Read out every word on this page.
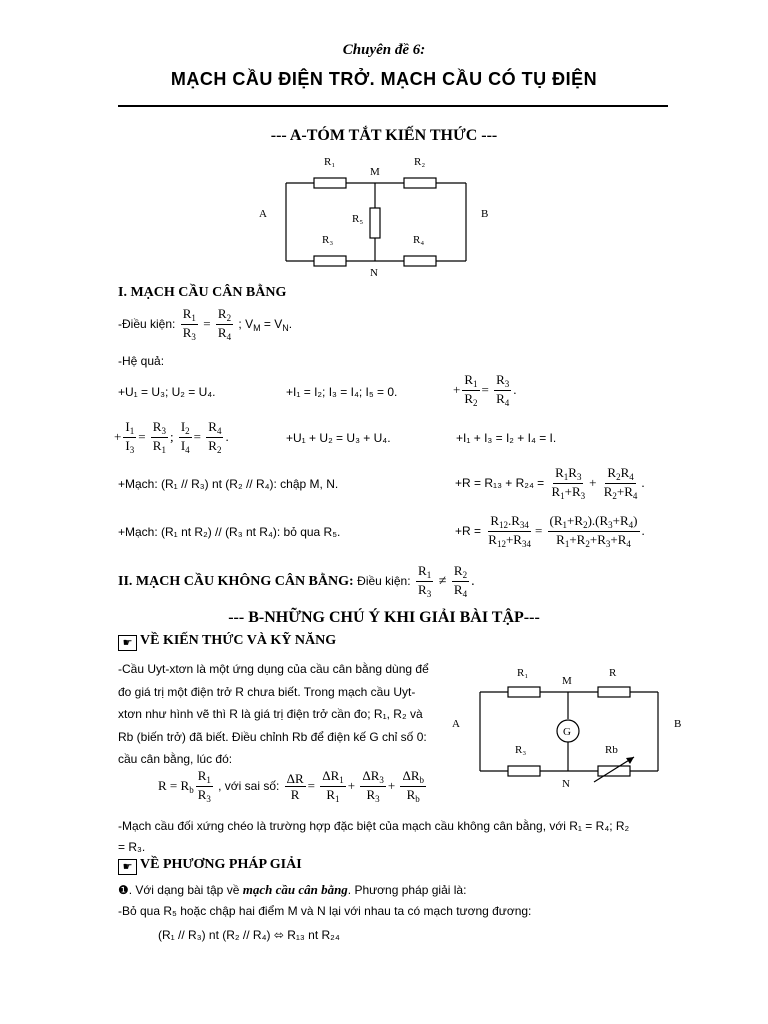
Chuyên đề 6:
MẠCH CẦU ĐIỆN TRỞ. MẠCH CẦU CÓ TỤ ĐIỆN
--- A-TÓM TẮT KIẾN THỨC ---
R₁
M
R₂
A	B
R₅
R₃	R₄
N
I. MẠCH CẦU CÂN BẰNG
-Điều kiện: $\frac{R_1}{R_3} = \frac{R_2}{R_4}$ ; $V_M = V_N$.
-Hệ quả:
+U₁ = U₃; U₂ = U₄.	+I₁ = I₂; I₃ = I₄; I₅ = 0.	+ $\frac{R_1}{R_2} = \frac{R_3}{R_4}$ .
+ $\frac{I_1}{I_3} = \frac{R_3}{R_1}$ ; $\frac{I_2}{I_4} = \frac{R_4}{R_2}$ .	+U₁ + U₂ = U₃ + U₄.	+I₁ + I₃ = I₂ + I₄ = I.
+Mạch: (R₁ // R₃) nt (R₂ // R₄): chập M, N.	$+R = R_{13} + R_{24} = \frac{R_1R_3}{R_1+R_3} + \frac{R_2R_4}{R_2+R_4}$ .
+Mạch: (R₁ nt R₂) // (R₃ nt R₄): bỏ qua R₅.	$+R = \frac{R_{12}.R_{34}}{R_{12}+R_{34}} = \frac{(R_1+R_2).(R_3+R_4)}{R_1+R_2+R_3+R_4}$ .
II. MẠCH CẦU KHÔNG CÂN BẰNG: Điều kiện: $\frac{R_1}{R_3} \ne \frac{R_2}{R_4}$ .
--- B-NHỮNG CHÚ Ý KHI GIẢI BÀI TẬP---
☛ VỀ KIẾN THỨC VÀ KỸ NĂNG
-Cầu Uyt-xtơn là một ứng dụng của cầu cân bằng dùng để
đo giá trị một điện trở R chưa biết. Trong mạch cầu Uyt-
xtơn như hình vẽ thì R là giá trị điện trở cần đo; R₁, R₂ và
Rb (biến trở) đã biết. Điều chỉnh Rb để điện kế G chỉ số 0:
cầu cân bằng, lúc đó:
$R = R_b \frac{R_1}{R_3}$ , với sai số: $\frac{\Delta R}{R} = \frac{\Delta R_1}{R_1} + \frac{\Delta R_3}{R_3} + \frac{\Delta R_b}{R_b}$
G
R₁
M
R
A	B
R₃	Rb
N
-Mạch cầu đối xứng chéo là trường hợp đặc biệt của mạch cầu không cân bằng, với R₁ = R₄; R₂
= R₃.
☛ VỀ PHƯƠNG PHÁP GIẢI
❶. Với dạng bài tập về mạch cầu cân bằng. Phương pháp giải là:
-Bỏ qua R₅ hoặc chập hai điểm M và N lại với nhau ta có mạch tương đương:
(R₁ // R₃) nt (R₂ // R₄) ⬄ R₁₃ nt R₂₄
